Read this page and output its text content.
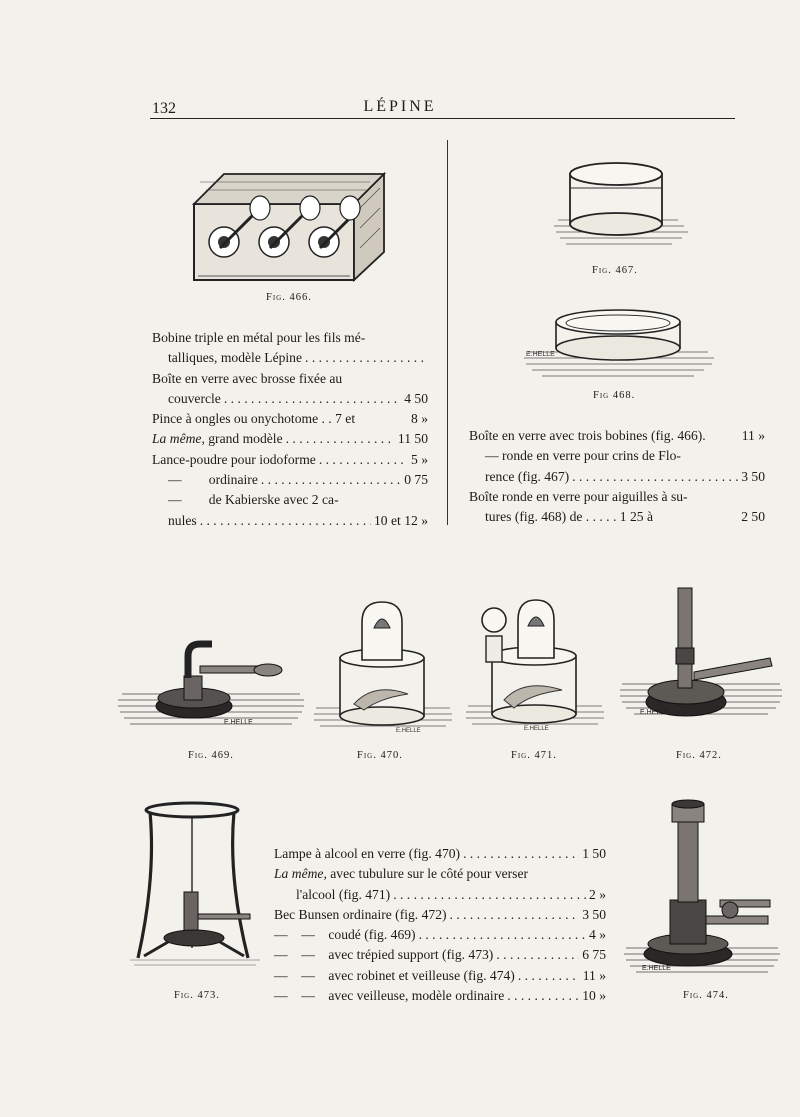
132	LÉPINE
Fig. 466.
Fig. 467.
E.HELLE
Fig 468.
Bobine triple en métal pour les fils mé-
talliques, modèle Lépine
. . .
Boîte en verre avec brosse fixée au
couvercle . . .	4 50
Pince à ongles ou onychotome . . 7 et	8 »
La même, grand modèle . . .	11 50
Lance-poudre pour iodoforme . . .	5 »
—        ordinaire . . .	0 75
—        de Kabierske avec 2 ca-
nules . . .	10 et 12 »
Boîte en verre avec trois bobines (fig. 466).	11 »
— ronde en verre pour crins de Flo-
rence (fig. 467) . . .	3 50
Boîte ronde en verre pour aiguilles à su-
tures (fig. 468) de . . . . . 1 25 à	2 50
E.HELLE
Fig. 469.
E.HELLE
Fig. 470.
E.HELLE
Fig. 471.
E.HELLE
Fig. 472.
Fig. 473.
Lampe à alcool en verre (fig. 470) . . .	1 50
La même, avec tubulure sur le côté pour verser
l'alcool (fig. 471) . . .	2 »
Bec Bunsen ordinaire (fig. 472) . . .	3 50
—    —    coudé (fig. 469) . . .	4 »
—    —    avec trépied support (fig. 473) . . .	6 75
—    —    avec robinet et veilleuse (fig. 474) . . .	11 »
—    —    avec veilleuse, modèle ordinaire . . .	10 »
E.HELLE
Fig. 474.
